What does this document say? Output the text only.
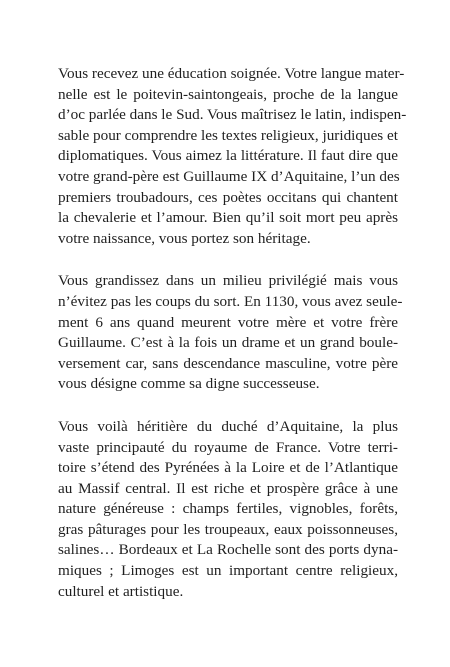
Vous recevez une éducation soignée. Votre langue mater-
nelle est le poitevin-saintongeais, proche de la langue
d’oc parlée dans le Sud. Vous maîtrisez le latin, indispen-
sable pour comprendre les textes religieux, juridiques et
diplomatiques. Vous aimez la littérature. Il faut dire que
votre grand-père est Guillaume IX d’Aquitaine, l’un des
premiers troubadours, ces poètes occitans qui chantent
la chevalerie et l’amour. Bien qu’il soit mort peu après
votre naissance, vous portez son héritage.

Vous grandissez dans un milieu privilégié mais vous
n’évitez pas les coups du sort. En 1130, vous avez seule-
ment 6 ans quand meurent votre mère et votre frère
Guillaume. C’est à la fois un drame et un grand boule-
versement car, sans descendance masculine, votre père
vous désigne comme sa digne successeuse.

Vous voilà héritière du duché d’Aquitaine, la plus
vaste principauté du royaume de France. Votre terri-
toire s’étend des Pyrénées à la Loire et de l’Atlantique
au Massif central. Il est riche et prospère grâce à une
nature généreuse : champs fertiles, vignobles, forêts,
gras pâturages pour les troupeaux, eaux poissonneuses,
salines… Bordeaux et La Rochelle sont des ports dyna-
miques ; Limoges est un important centre religieux,
culturel et artistique.
